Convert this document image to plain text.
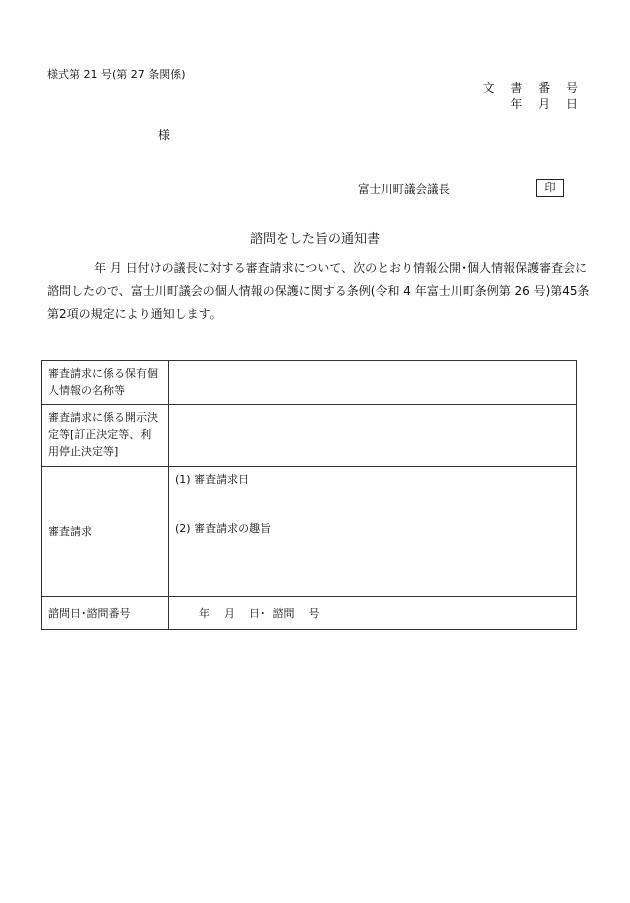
様式第 21 号(第 27 条関係)
文 書 番 号
年 月 日
様
富士川町議会議長	印
諮問をした旨の通知書
年 月 日付けの議長に対する審査請求について、次のとおり情報公開･個人情報保護審査会に
諮問したので、富士川町議会の個人情報の保護に関する条例(令和 4 年富士川町条例第 26 号)第45条
第2項の規定により通知します。
審査請求に係る保有個人情報の名称等	
審査請求に係る開示決定等[訂正決定等、利用停止決定等]	
審査請求	(1) 審査請求日
(2) 審査請求の趣旨

諮問日･諮問番号	年    月    日･  諮問    号
